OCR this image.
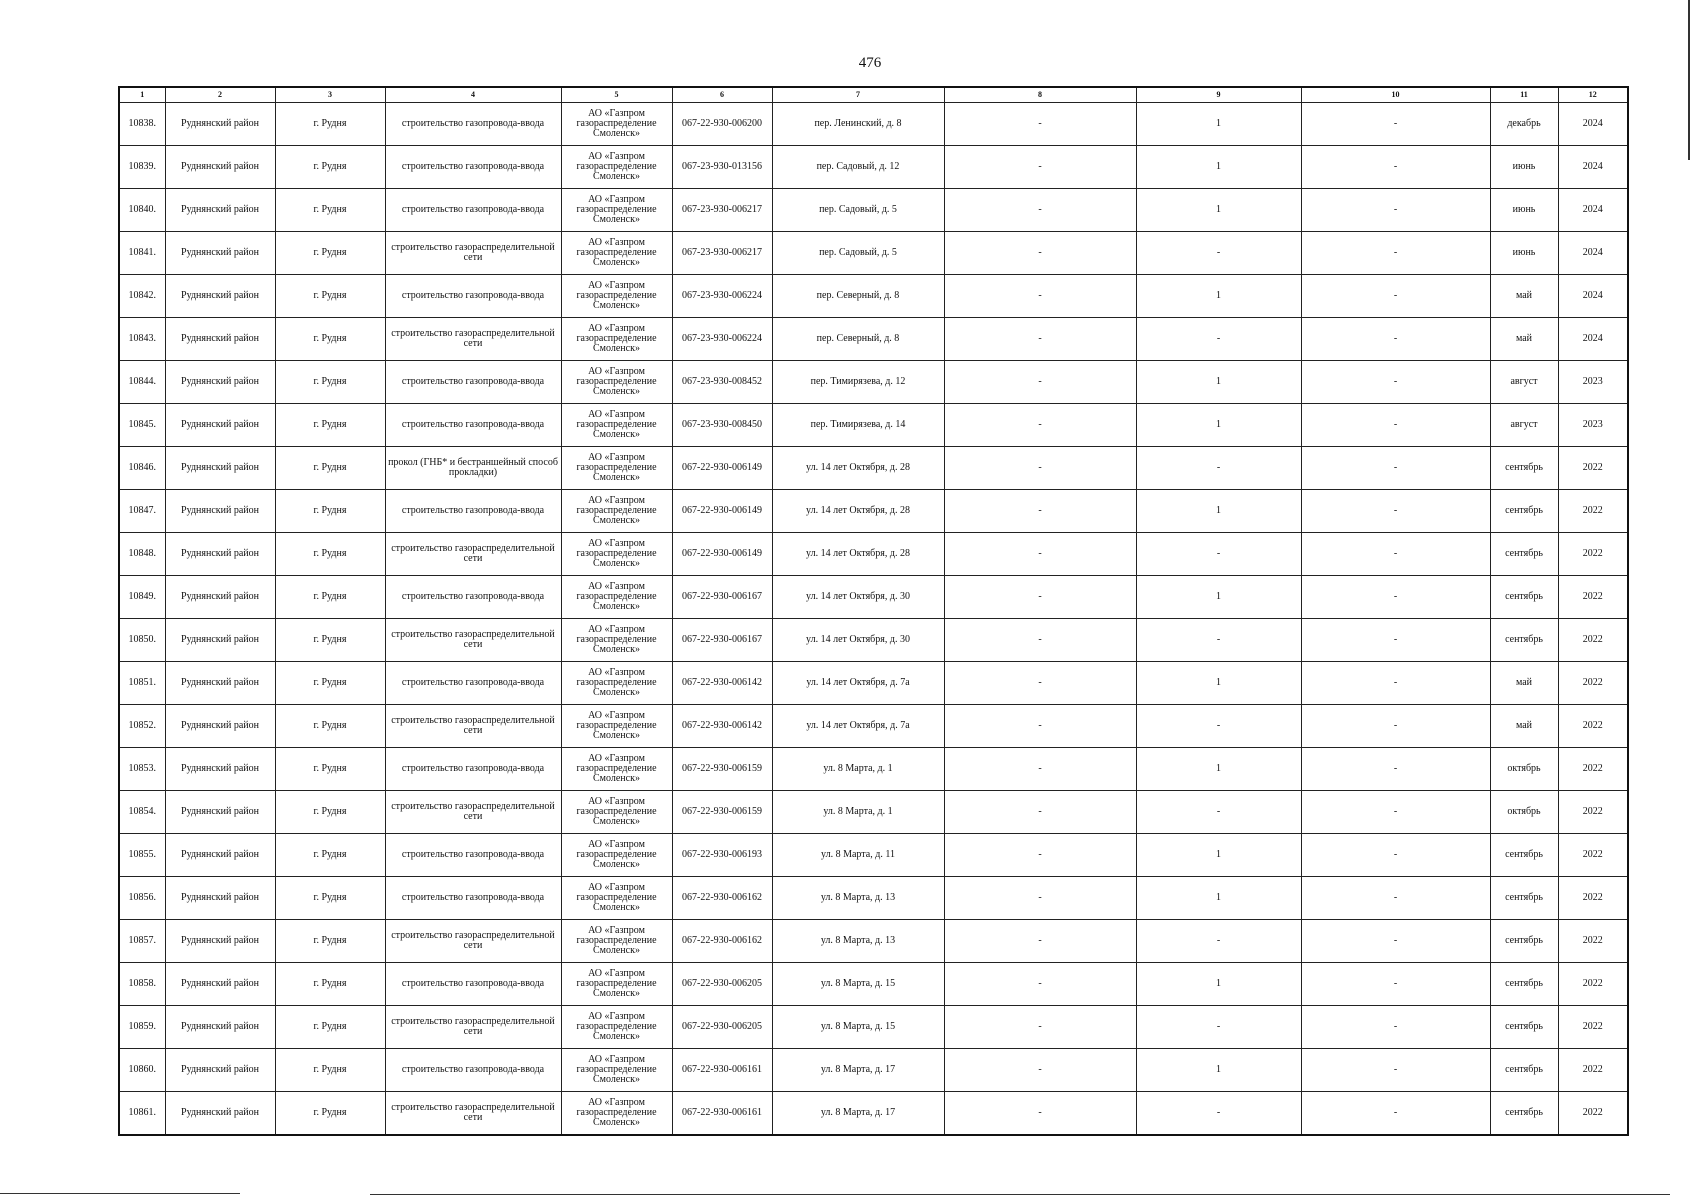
476
1	2	3	4	5	6	7	8	9	10	11	12
10838.	Руднянский район	г. Рудня	строительство газопровода-ввода	АО «Газпром газораспределение Смоленск»	067-22-930-006200	пер. Ленинский, д. 8	-	1	-	декабрь	2024
10839.	Руднянский район	г. Рудня	строительство газопровода-ввода	АО «Газпром газораспределение Смоленск»	067-23-930-013156	пер. Садовый, д. 12	-	1	-	июнь	2024
10840.	Руднянский район	г. Рудня	строительство газопровода-ввода	АО «Газпром газораспределение Смоленск»	067-23-930-006217	пер. Садовый, д. 5	-	1	-	июнь	2024
10841.	Руднянский район	г. Рудня	строительство газораспределительной сети	АО «Газпром газораспределение Смоленск»	067-23-930-006217	пер. Садовый, д. 5	-	-	-	июнь	2024
10842.	Руднянский район	г. Рудня	строительство газопровода-ввода	АО «Газпром газораспределение Смоленск»	067-23-930-006224	пер. Северный, д. 8	-	1	-	май	2024
10843.	Руднянский район	г. Рудня	строительство газораспределительной сети	АО «Газпром газораспределение Смоленск»	067-23-930-006224	пер. Северный, д. 8	-	-	-	май	2024
10844.	Руднянский район	г. Рудня	строительство газопровода-ввода	АО «Газпром газораспределение Смоленск»	067-23-930-008452	пер. Тимирязева, д. 12	-	1	-	август	2023
10845.	Руднянский район	г. Рудня	строительство газопровода-ввода	АО «Газпром газораспределение Смоленск»	067-23-930-008450	пер. Тимирязева, д. 14	-	1	-	август	2023
10846.	Руднянский район	г. Рудня	прокол (ГНБ* и бестраншейный способ прокладки)	АО «Газпром газораспределение Смоленск»	067-22-930-006149	ул. 14 лет Октября, д. 28	-	-	-	сентябрь	2022
10847.	Руднянский район	г. Рудня	строительство газопровода-ввода	АО «Газпром газораспределение Смоленск»	067-22-930-006149	ул. 14 лет Октября, д. 28	-	1	-	сентябрь	2022
10848.	Руднянский район	г. Рудня	строительство газораспределительной сети	АО «Газпром газораспределение Смоленск»	067-22-930-006149	ул. 14 лет Октября, д. 28	-	-	-	сентябрь	2022
10849.	Руднянский район	г. Рудня	строительство газопровода-ввода	АО «Газпром газораспределение Смоленск»	067-22-930-006167	ул. 14 лет Октября, д. 30	-	1	-	сентябрь	2022
10850.	Руднянский район	г. Рудня	строительство газораспределительной сети	АО «Газпром газораспределение Смоленск»	067-22-930-006167	ул. 14 лет Октября, д. 30	-	-	-	сентябрь	2022
10851.	Руднянский район	г. Рудня	строительство газопровода-ввода	АО «Газпром газораспределение Смоленск»	067-22-930-006142	ул. 14 лет Октября, д. 7а	-	1	-	май	2022
10852.	Руднянский район	г. Рудня	строительство газораспределительной сети	АО «Газпром газораспределение Смоленск»	067-22-930-006142	ул. 14 лет Октября, д. 7а	-	-	-	май	2022
10853.	Руднянский район	г. Рудня	строительство газопровода-ввода	АО «Газпром газораспределение Смоленск»	067-22-930-006159	ул. 8 Марта, д. 1	-	1	-	октябрь	2022
10854.	Руднянский район	г. Рудня	строительство газораспределительной сети	АО «Газпром газораспределение Смоленск»	067-22-930-006159	ул. 8 Марта, д. 1	-	-	-	октябрь	2022
10855.	Руднянский район	г. Рудня	строительство газопровода-ввода	АО «Газпром газораспределение Смоленск»	067-22-930-006193	ул. 8 Марта, д. 11	-	1	-	сентябрь	2022
10856.	Руднянский район	г. Рудня	строительство газопровода-ввода	АО «Газпром газораспределение Смоленск»	067-22-930-006162	ул. 8 Марта, д. 13	-	1	-	сентябрь	2022
10857.	Руднянский район	г. Рудня	строительство газораспределительной сети	АО «Газпром газораспределение Смоленск»	067-22-930-006162	ул. 8 Марта, д. 13	-	-	-	сентябрь	2022
10858.	Руднянский район	г. Рудня	строительство газопровода-ввода	АО «Газпром газораспределение Смоленск»	067-22-930-006205	ул. 8 Марта, д. 15	-	1	-	сентябрь	2022
10859.	Руднянский район	г. Рудня	строительство газораспределительной сети	АО «Газпром газораспределение Смоленск»	067-22-930-006205	ул. 8 Марта, д. 15	-	-	-	сентябрь	2022
10860.	Руднянский район	г. Рудня	строительство газопровода-ввода	АО «Газпром газораспределение Смоленск»	067-22-930-006161	ул. 8 Марта, д. 17	-	1	-	сентябрь	2022
10861.	Руднянский район	г. Рудня	строительство газораспределительной сети	АО «Газпром газораспределение Смоленск»	067-22-930-006161	ул. 8 Марта, д. 17	-	-	-	сентябрь	2022
